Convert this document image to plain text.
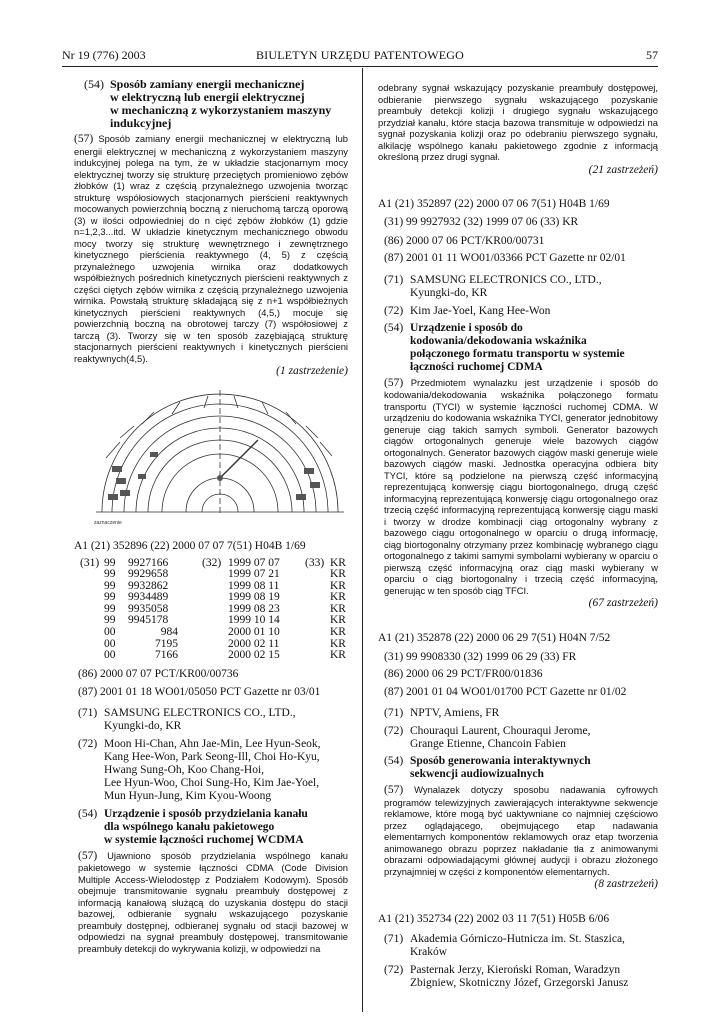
Nr 19 (776) 2003	BIULETYN URZĘDU PATENTOWEGO	57
(54) Sposób zamiany energii mechanicznej
w elektryczną lub energii elektrycznej
w mechaniczną z wykorzystaniem maszyny
indukcyjnej
(57) Sposób zamiany energii mechanicznej w elektryczną lub energii elektrycznej w mechaniczną z wykorzystaniem maszyny indukcyjnej polega na tym, że w układzie stacjonarnym mocy elektrycznej tworzy się strukturę przeciętych promieniowo zębów żłobków (1) wraz z częścią przynależnego uzwojenia tworząc strukturę współosiowych stacjonarnych pierścieni reaktywnych mocowanych powierzchnią boczną z nieruchomą tarczą oporową (3) w ilości odpowiedniej do n cięć zębów żłobków (1) gdzie n=1,2,3...itd. W układzie kinetycznym mechanicznego obwodu mocy tworzy się strukturę wewnętrznego i zewnętrznego kinetycznego pierścienia reaktywnego (4, 5) z częścią przynależnego uzwojenia wirnika oraz dodatkowych współbieżnych pośrednich kinetycznych pierścieni reaktywnych z części ciętych zębów wirnika z częścią przynależnego uzwojenia wirnika. Powstałą strukturę składającą się z n+1 współbieżnych kinetycznych pierścieni reaktywnych (4,5,) mocuje się powierzchnią boczną na obrotowej tarczy (7) współosiowej z tarczą (3). Tworzy się w ten sposób zazębiającą strukturę stacjonarnych pierścieni reaktywnych i kinetycznych pierścieni reaktywnych(4,5).
(1 zastrzeżenie)
zaznaczenie
A1 (21) 352896 (22) 2000 07 07 7(51) H04B 1/69
(31) 99 9927166	(32) 1999 07 07 (33) KR
99 9929658	1999 07 21	KR
99 9932862	1999 08 11	KR
99 9934489	1999 08 19	KR
99 9935058	1999 08 23	KR
99 9945178	1999 10 14	KR
00	984	2000 01 10	KR
00	7195	2000 02 11	KR
00	7166	2000 02 15	KR
(86) 2000 07 07 PCT/KR00/00736
(87) 2001 01 18 WO01/05050 PCT Gazette nr 03/01
(71) SAMSUNG ELECTRONICS CO., LTD.,
Kyungki-do, KR
(72) Moon Hi-Chan, Ahn Jae-Min, Lee Hyun-Seok,
Kang Hee-Won, Park Seong-Ill, Choi Ho-Kyu,
Hwang Sung-Oh, Koo Chang-Hoi,
Lee Hyun-Woo, Choi Sung-Ho, Kim Jae-Yoel,
Mun Hyun-Jung, Kim Kyou-Woong
(54) Urządzenie i sposób przydzielania kanału
dla wspólnego kanału pakietowego
w systemie łączności ruchomej WCDMA
(57) Ujawniono sposób przydzielania wspólnego kanału pakietowego w systemie łączności CDMA (Code Division Multiple Access-Wielodostęp z Podziałem Kodowym). Sposób obejmuje transmitowanie sygnału preambuły dostępowej z informacją kanałową służącą do uzyskania dostępu do stacji bazowej, odbieranie sygnału wskazującego pozyskanie preambuły dostępnej, odbieranej sygnału od stacji bazowej w odpowiedzi na sygnał preambuły dostępowej, transmitowanie preambuły detekcji do wykrywania kolizji, w odpowiedzi na
odebrany sygnał wskazujący pozyskanie preambuły dostępowej, odbieranie pierwszego sygnału wskazującego pozyskanie preambuły detekcji kolizji i drugiego sygnału wskazującego przydział kanału, które stacja bazowa transmituje w odpowiedzi na sygnał pozyskania kolizji oraz po odebraniu pierwszego sygnału, alkilację wspólnego kanału pakietowego zgodnie z informacją określoną przez drugi sygnał.
(21 zastrzeżeń)
A1 (21) 352897 (22) 2000 07 06 7(51) H04B 1/69
(31) 99 9927932 (32) 1999 07 06 (33) KR
(86) 2000 07 06 PCT/KR00/00731
(87) 2001 01 11 WO01/03366 PCT Gazette nr 02/01
(71) SAMSUNG ELECTRONICS CO., LTD.,
Kyungki-do, KR
(72) Kim Jae-Yoel, Kang Hee-Won
(54) Urządzenie i sposób do
kodowania/dekodowania wskaźnika
połączonego formatu transportu w systemie
łączności ruchomej CDMA
(57) Przedmiotem wynalazku jest urządzenie i sposób do kodowania/dekodowania wskaźnika połączonego formatu transportu (TYCI) w systemie łączności ruchomej CDMA. W urządzeniu do kodowania wskaźnika TYCI, generator jednobitowy generuje ciąg takich samych symboli. Generator bazowych ciągów ortogonalnych generuje wiele bazowych ciągów ortogonalnych. Generator bazowych ciągów maski generuje wiele bazowych ciągów maski. Jednostka operacyjna odbiera bity TYCI, które są podzielone na pierwszą część informacyjną reprezentującą konwersję ciągu biortogonalnego, drugą część informacyjną reprezentującą konwersję ciągu ortogonalnego oraz trzecią część informacyjną reprezentującą konwersję ciągu maski i tworzy w drodze kombinacji ciąg ortogonalny wybrany z bazowego ciągu ortogonalnego w oparciu o drugą informację, ciąg biortogonalny otrzymany przez kombinację wybranego ciągu ortogonalnego z takimi samymi symbolami wybierany w oparciu o pierwszą część informacyjną oraz ciąg maski wybierany w oparciu o ciąg biortogonalny i trzecią część informacyjną, generując w ten sposób ciąg TFCI.
(67 zastrzeżeń)
A1 (21) 352878 (22) 2000 06 29 7(51) H04N 7/52
(31) 99 9908330 (32) 1999 06 29 (33) FR
(86) 2000 06 29 PCT/FR00/01836
(87) 2001 01 04 WO01/01700 PCT Gazette nr 01/02
(71) NPTV, Amiens, FR
(72) Chouraqui Laurent, Chouraqui Jerome,
Grange Etienne, Chancoin Fabien
(54) Sposób generowania interaktywnych
sekwencji audiowizualnych
(57) Wynalazek dotyczy sposobu nadawania cyfrowych programów telewizyjnych zawierających interaktywne sekwencje reklamowe, które mogą być uaktywniane co najmniej częściowo przez oglądającego, obejmującego etap nadawania elementarnych komponentów reklamowych oraz etap tworzenia animowanego obrazu poprzez nakładanie tła z animowanymi obrazami odpowiadającymi głównej audycji i obrazu złożonego przynajmniej w części z komponentów elementarnych.
(8 zastrzeżeń)
A1 (21) 352734 (22) 2002 03 11 7(51) H05B 6/06
(71) Akademia Górniczo-Hutnicza im. St. Staszica,
Kraków
(72) Pasternak Jerzy, Kieroński Roman, Waradzyn
Zbigniew, Skotniczny Józef, Grzegorski Janusz
